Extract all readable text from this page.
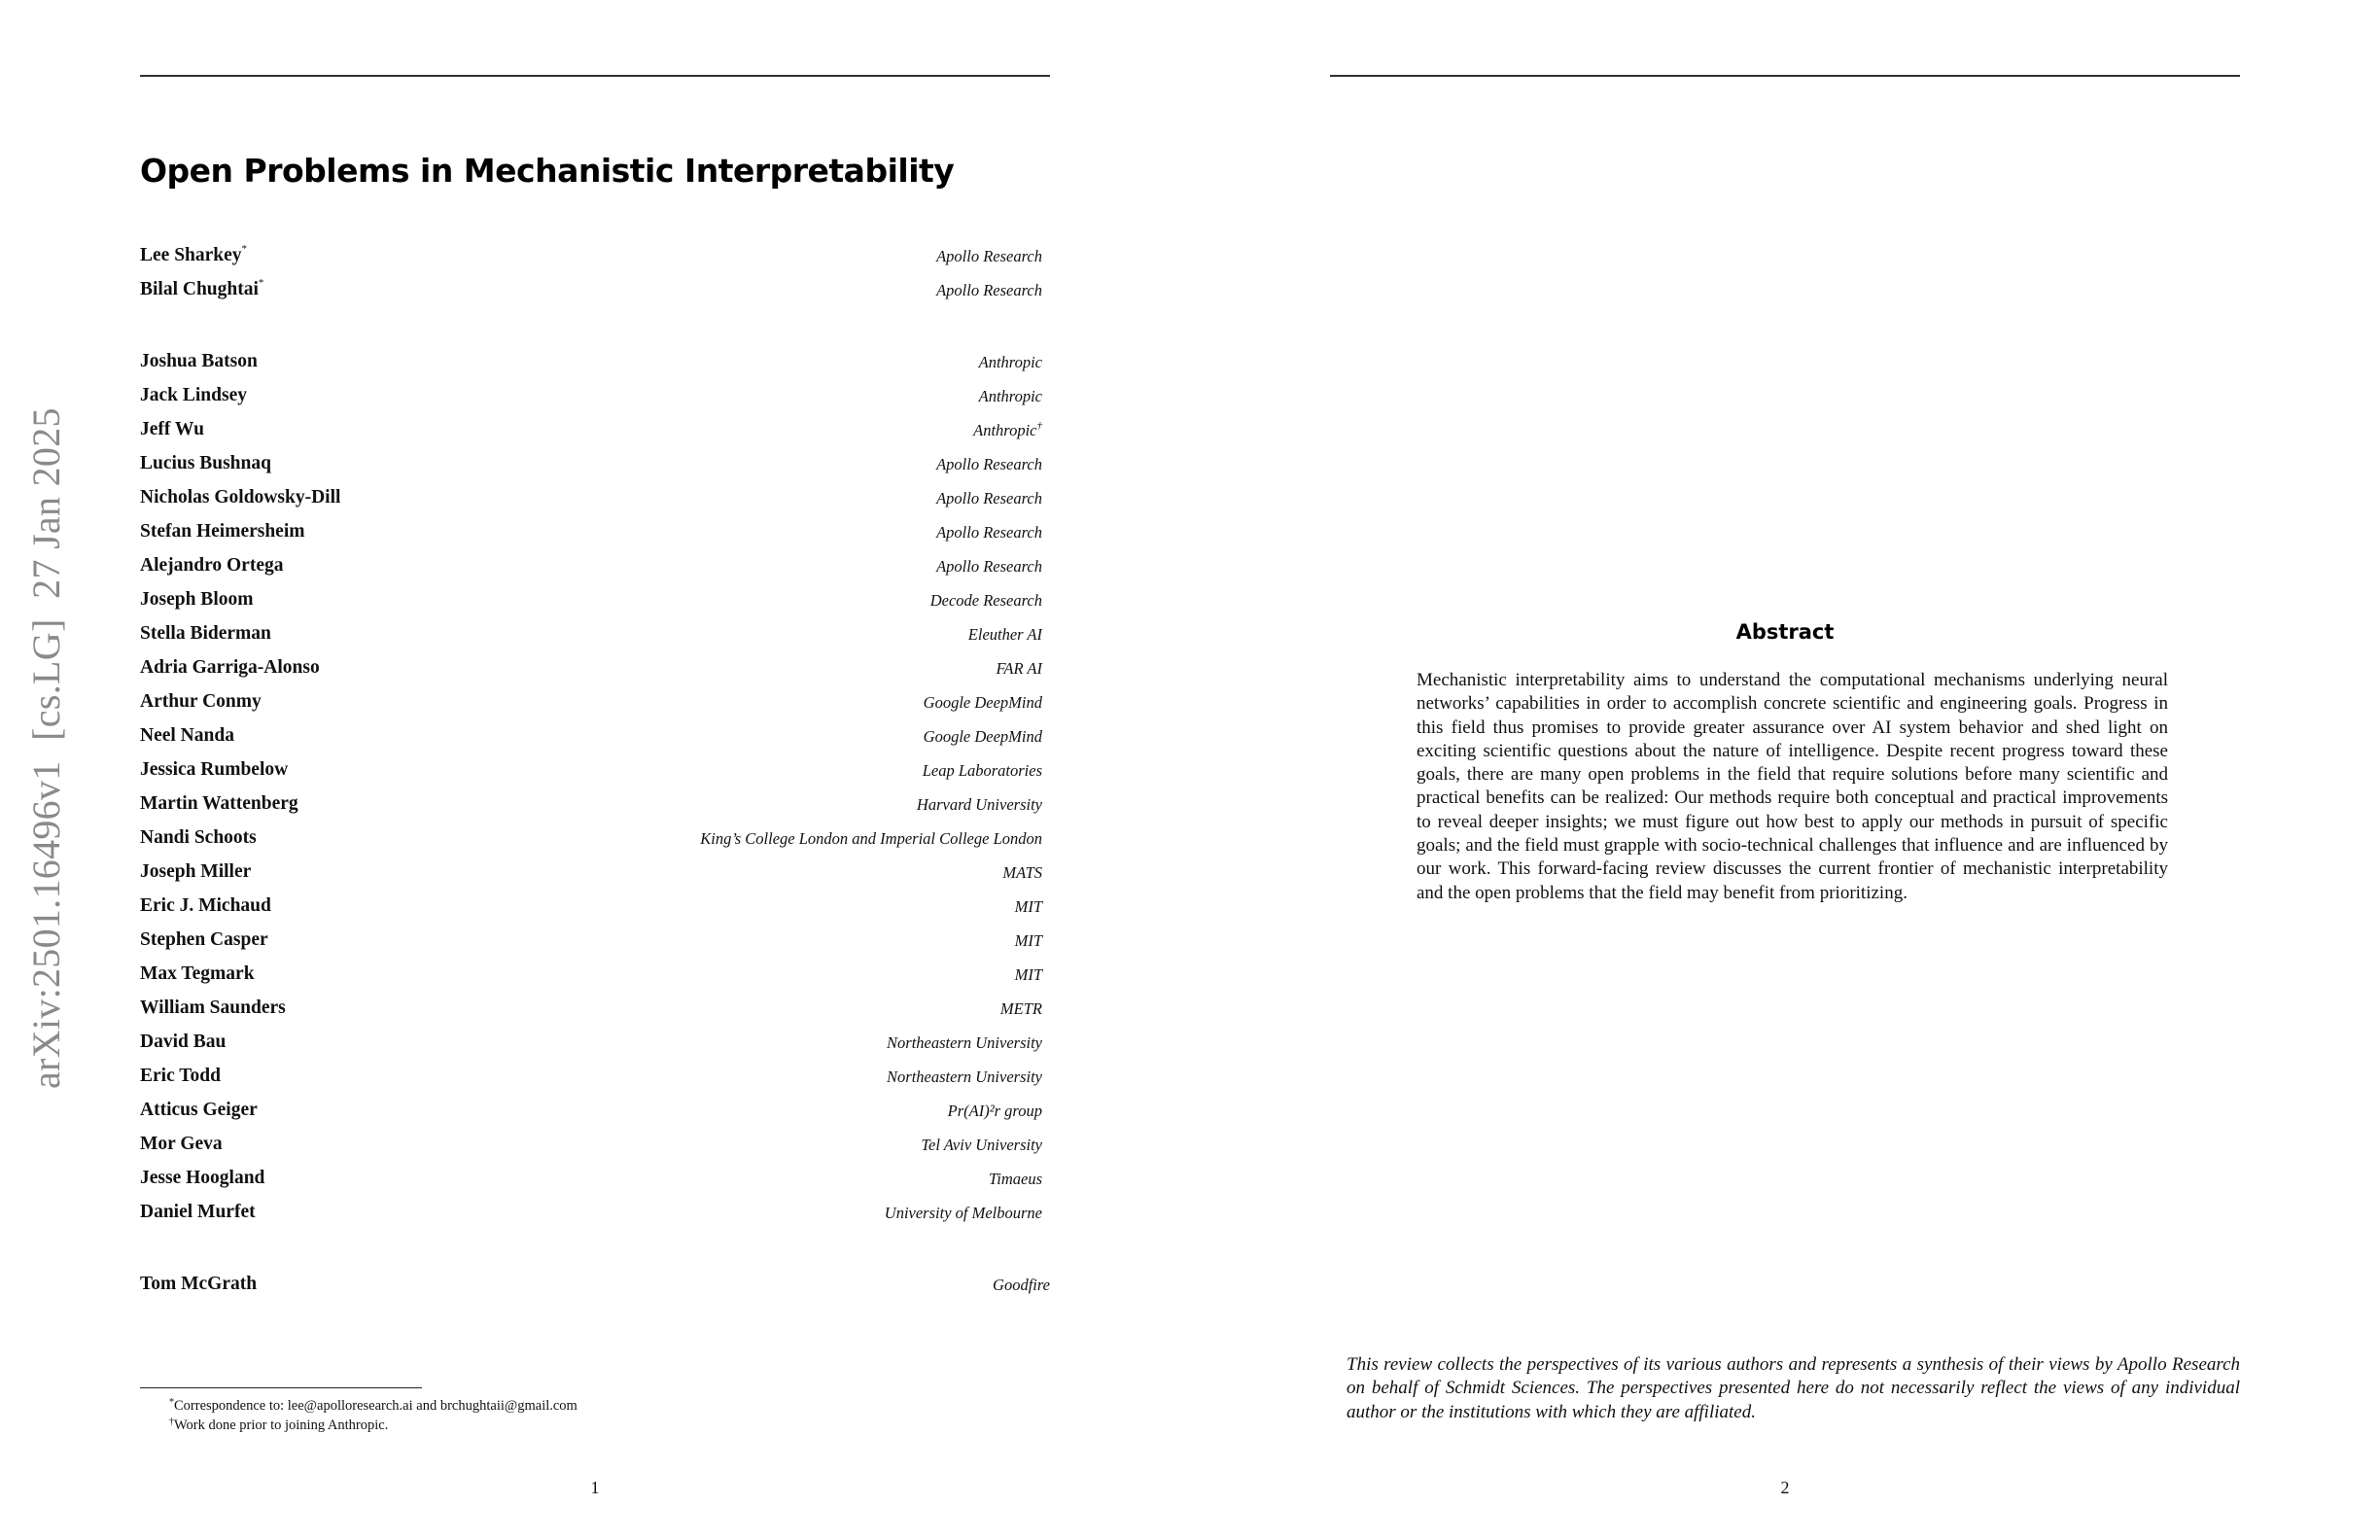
arXiv:2501.16496v1  [cs.LG]  27 Jan 2025
Open Problems in Mechanistic Interpretability
Lee Sharkey*	Apollo Research
Bilal Chughtai*	Apollo Research
Joshua Batson	Anthropic
Jack Lindsey	Anthropic
Jeff Wu	Anthropic†
Lucius Bushnaq	Apollo Research
Nicholas Goldowsky-Dill	Apollo Research
Stefan Heimersheim	Apollo Research
Alejandro Ortega	Apollo Research
Joseph Bloom	Decode Research
Stella Biderman	Eleuther AI
Adria Garriga-Alonso	FAR AI
Arthur Conmy	Google DeepMind
Neel Nanda	Google DeepMind
Jessica Rumbelow	Leap Laboratories
Martin Wattenberg	Harvard University
Nandi Schoots	King’s College London and Imperial College London
Joseph Miller	MATS
Eric J. Michaud	MIT
Stephen Casper	MIT
Max Tegmark	MIT
William Saunders	METR
David Bau	Northeastern University
Eric Todd	Northeastern University
Atticus Geiger	Pr(AI)²r group
Mor Geva	Tel Aviv University
Jesse Hoogland	Timaeus
Daniel Murfet	University of Melbourne
Tom McGrath	Goodfire
*Correspondence to: lee@apolloresearch.ai and brchughtaii@gmail.com
†Work done prior to joining Anthropic.
1
Abstract

Mechanistic interpretability aims to understand the computational mechanisms underlying neural networks’ capabilities in order to accomplish concrete scientific and engineering goals. Progress in this field thus promises to provide greater assurance over AI system behavior and shed light on exciting scientific questions about the nature of intelligence. Despite recent progress toward these goals, there are many open problems in the field that require solutions before many scientific and practical benefits can be realized: Our methods require both conceptual and practical improvements to reveal deeper insights; we must figure out how best to apply our methods in pursuit of specific goals; and the field must grapple with socio-technical challenges that influence and are influenced by our work. This forward-facing review discusses the current frontier of mechanistic interpretability and the open problems that the field may benefit from prioritizing.

This review collects the perspectives of its various authors and represents a synthesis of their views by Apollo Research on behalf of Schmidt Sciences. The perspectives presented here do not necessarily reflect the views of any individual author or the institutions with which they are affiliated.

2
